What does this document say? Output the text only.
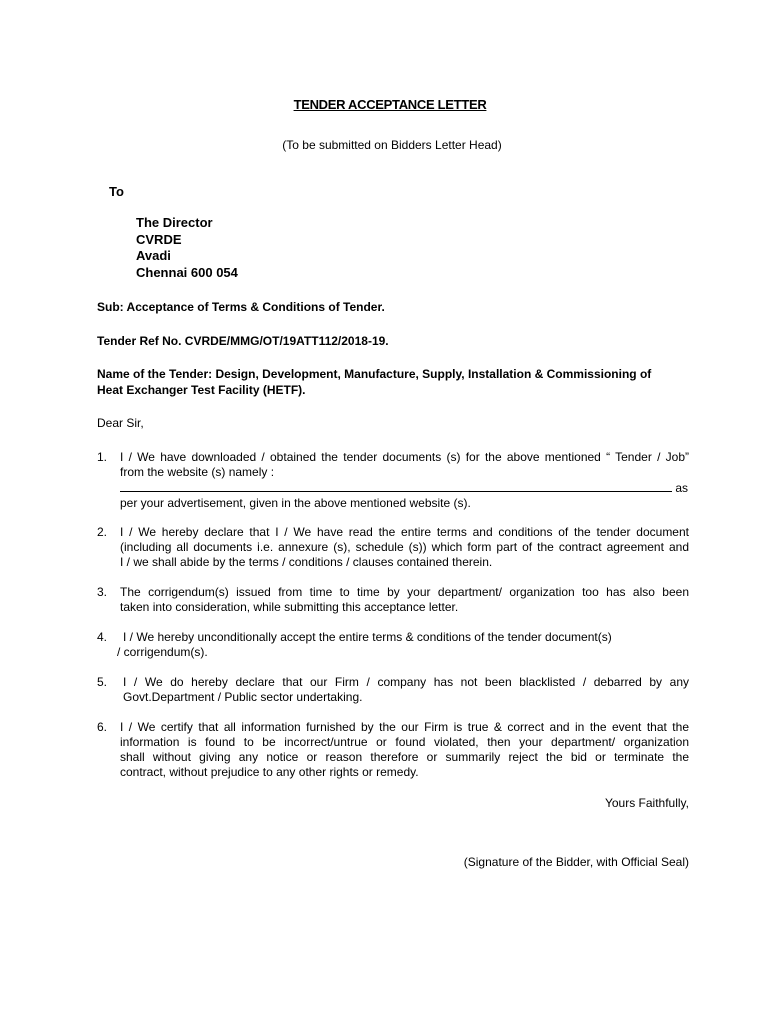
TENDER ACCEPTANCE LETTER
(To be submitted on Bidders Letter Head)
To
The Director
CVRDE
Avadi
Chennai 600 054
Sub: Acceptance of Terms & Conditions of Tender.
Tender Ref No. CVRDE/MMG/OT/19ATT112/2018-19.
Name of the Tender: Design, Development, Manufacture, Supply, Installation & Commissioning of
Heat Exchanger Test Facility (HETF).
Dear Sir,
1. I / We have downloaded / obtained the tender documents (s) for the above mentioned “ Tender / Job”
from the website (s) namely :
as
per your advertisement, given in the above mentioned website (s).
2. I / We hereby declare that I / We have read the entire terms and conditions of the tender document
(including all documents i.e. annexure (s), schedule (s)) which form part of the contract agreement and
I / we shall abide by the terms / conditions / clauses contained therein.
3. The corrigendum(s) issued from time to time by your department/ organization too has also been
taken into consideration, while submitting this acceptance letter.
4. I / We hereby unconditionally accept the entire terms & conditions of the tender document(s)
/ corrigendum(s).
5. I / We do hereby declare that our Firm / company has not been blacklisted / debarred by any
Govt.Department / Public sector undertaking.
6. I / We certify that all information furnished by the our Firm is true & correct and in the event that the
information is found to be incorrect/untrue or found violated, then your department/ organization
shall without giving any notice or reason therefore or summarily reject the bid or terminate the
contract, without prejudice to any other rights or remedy.
Yours Faithfully,
(Signature of the Bidder, with Official Seal)
